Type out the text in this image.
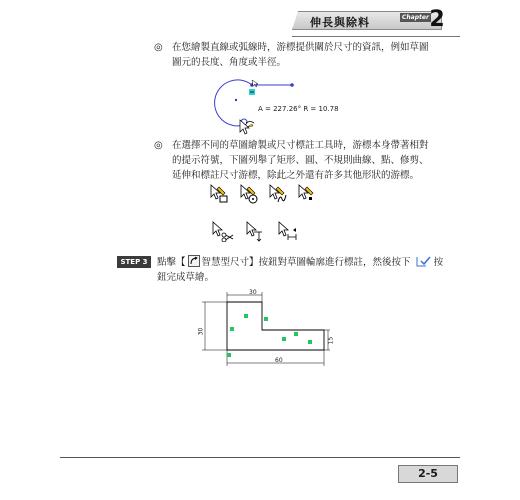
伸長與除料	Chapter 2
◎ 在您繪製直線或弧線時，游標提供關於尺寸的資訊，例如草圖
圖元的長度、角度或半徑。
A = 227.26° R = 10.78
◎ 在選擇不同的草圖繪製或尺寸標註工具時，游標本身帶著相對
的提示符號，下圖列舉了矩形、圓、不規則曲線、點、修剪、
延伸和標註尺寸游標，除此之外還有許多其他形狀的游標。
STEP 3 點擊【 智慧型尺寸】按鈕對草圖輪廓進行標註，然後按下 按
鈕完成草繪。
30
30
15
60
2-5
